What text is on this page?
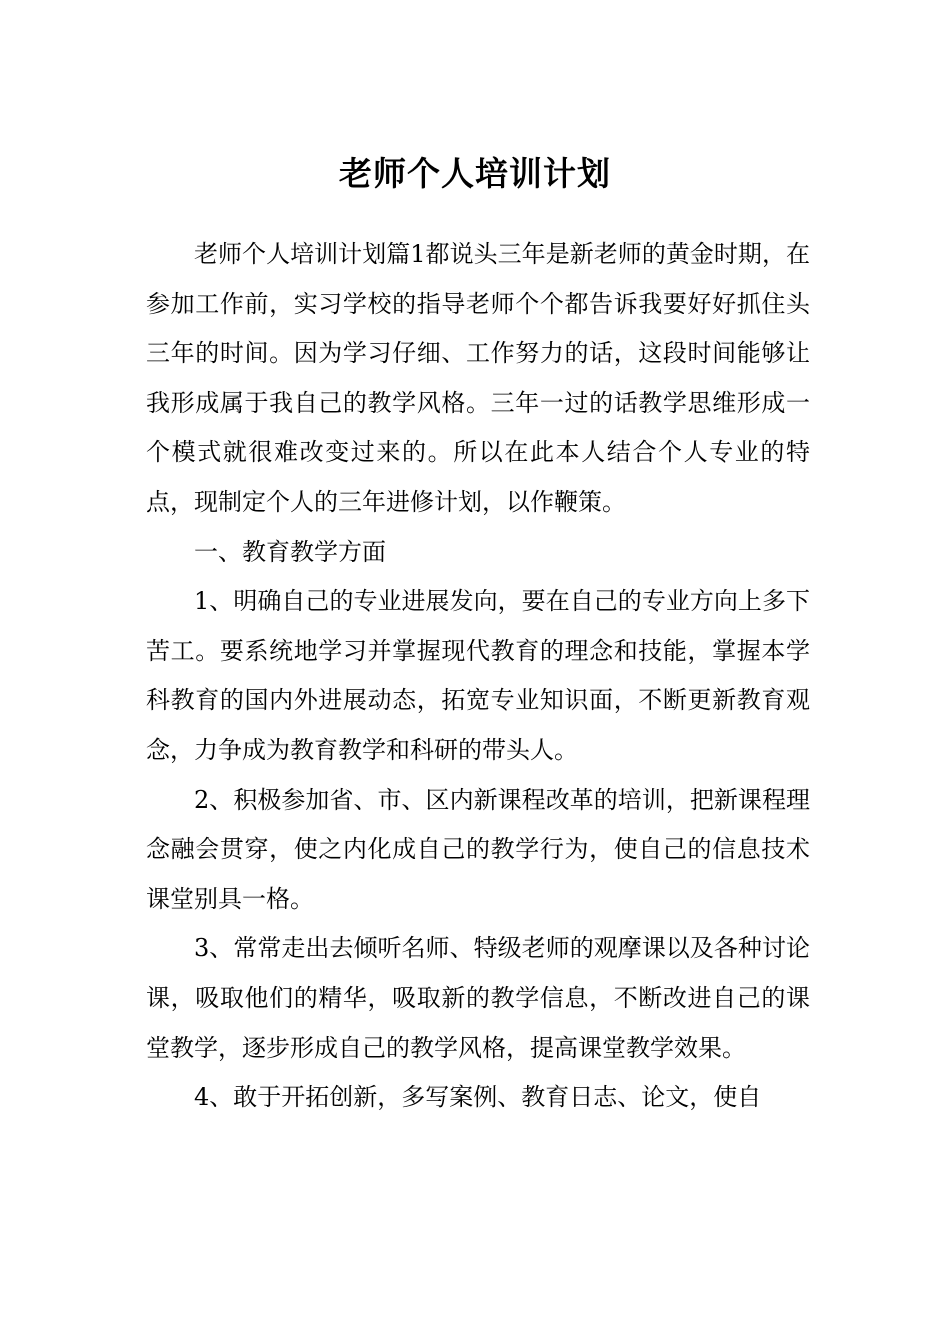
老师个人培训计划

老师个人培训计划篇1都说头三年是新老师的黄金时期，在参加工作前，实习学校的指导老师个个都告诉我要好好抓住头三年的时间。因为学习仔细、工作努力的话，这段时间能够让我形成属于我自己的教学风格。三年一过的话教学思维形成一个模式就很难改变过来的。所以在此本人结合个人专业的特点，现制定个人的三年进修计划，以作鞭策。

一、教育教学方面

1、明确自己的专业进展发向，要在自己的专业方向上多下苦工。要系统地学习并掌握现代教育的理念和技能，掌握本学科教育的国内外进展动态，拓宽专业知识面，不断更新教育观念，力争成为教育教学和科研的带头人。

2、积极参加省、市、区内新课程改革的培训，把新课程理念融会贯穿，使之内化成自己的教学行为，使自己的信息技术课堂别具一格。

3、常常走出去倾听名师、特级老师的观摩课以及各种讨论课，吸取他们的精华，吸取新的教学信息，不断改进自己的课堂教学，逐步形成自己的教学风格，提高课堂教学效果。

4、敢于开拓创新，多写案例、教育日志、论文，使自
